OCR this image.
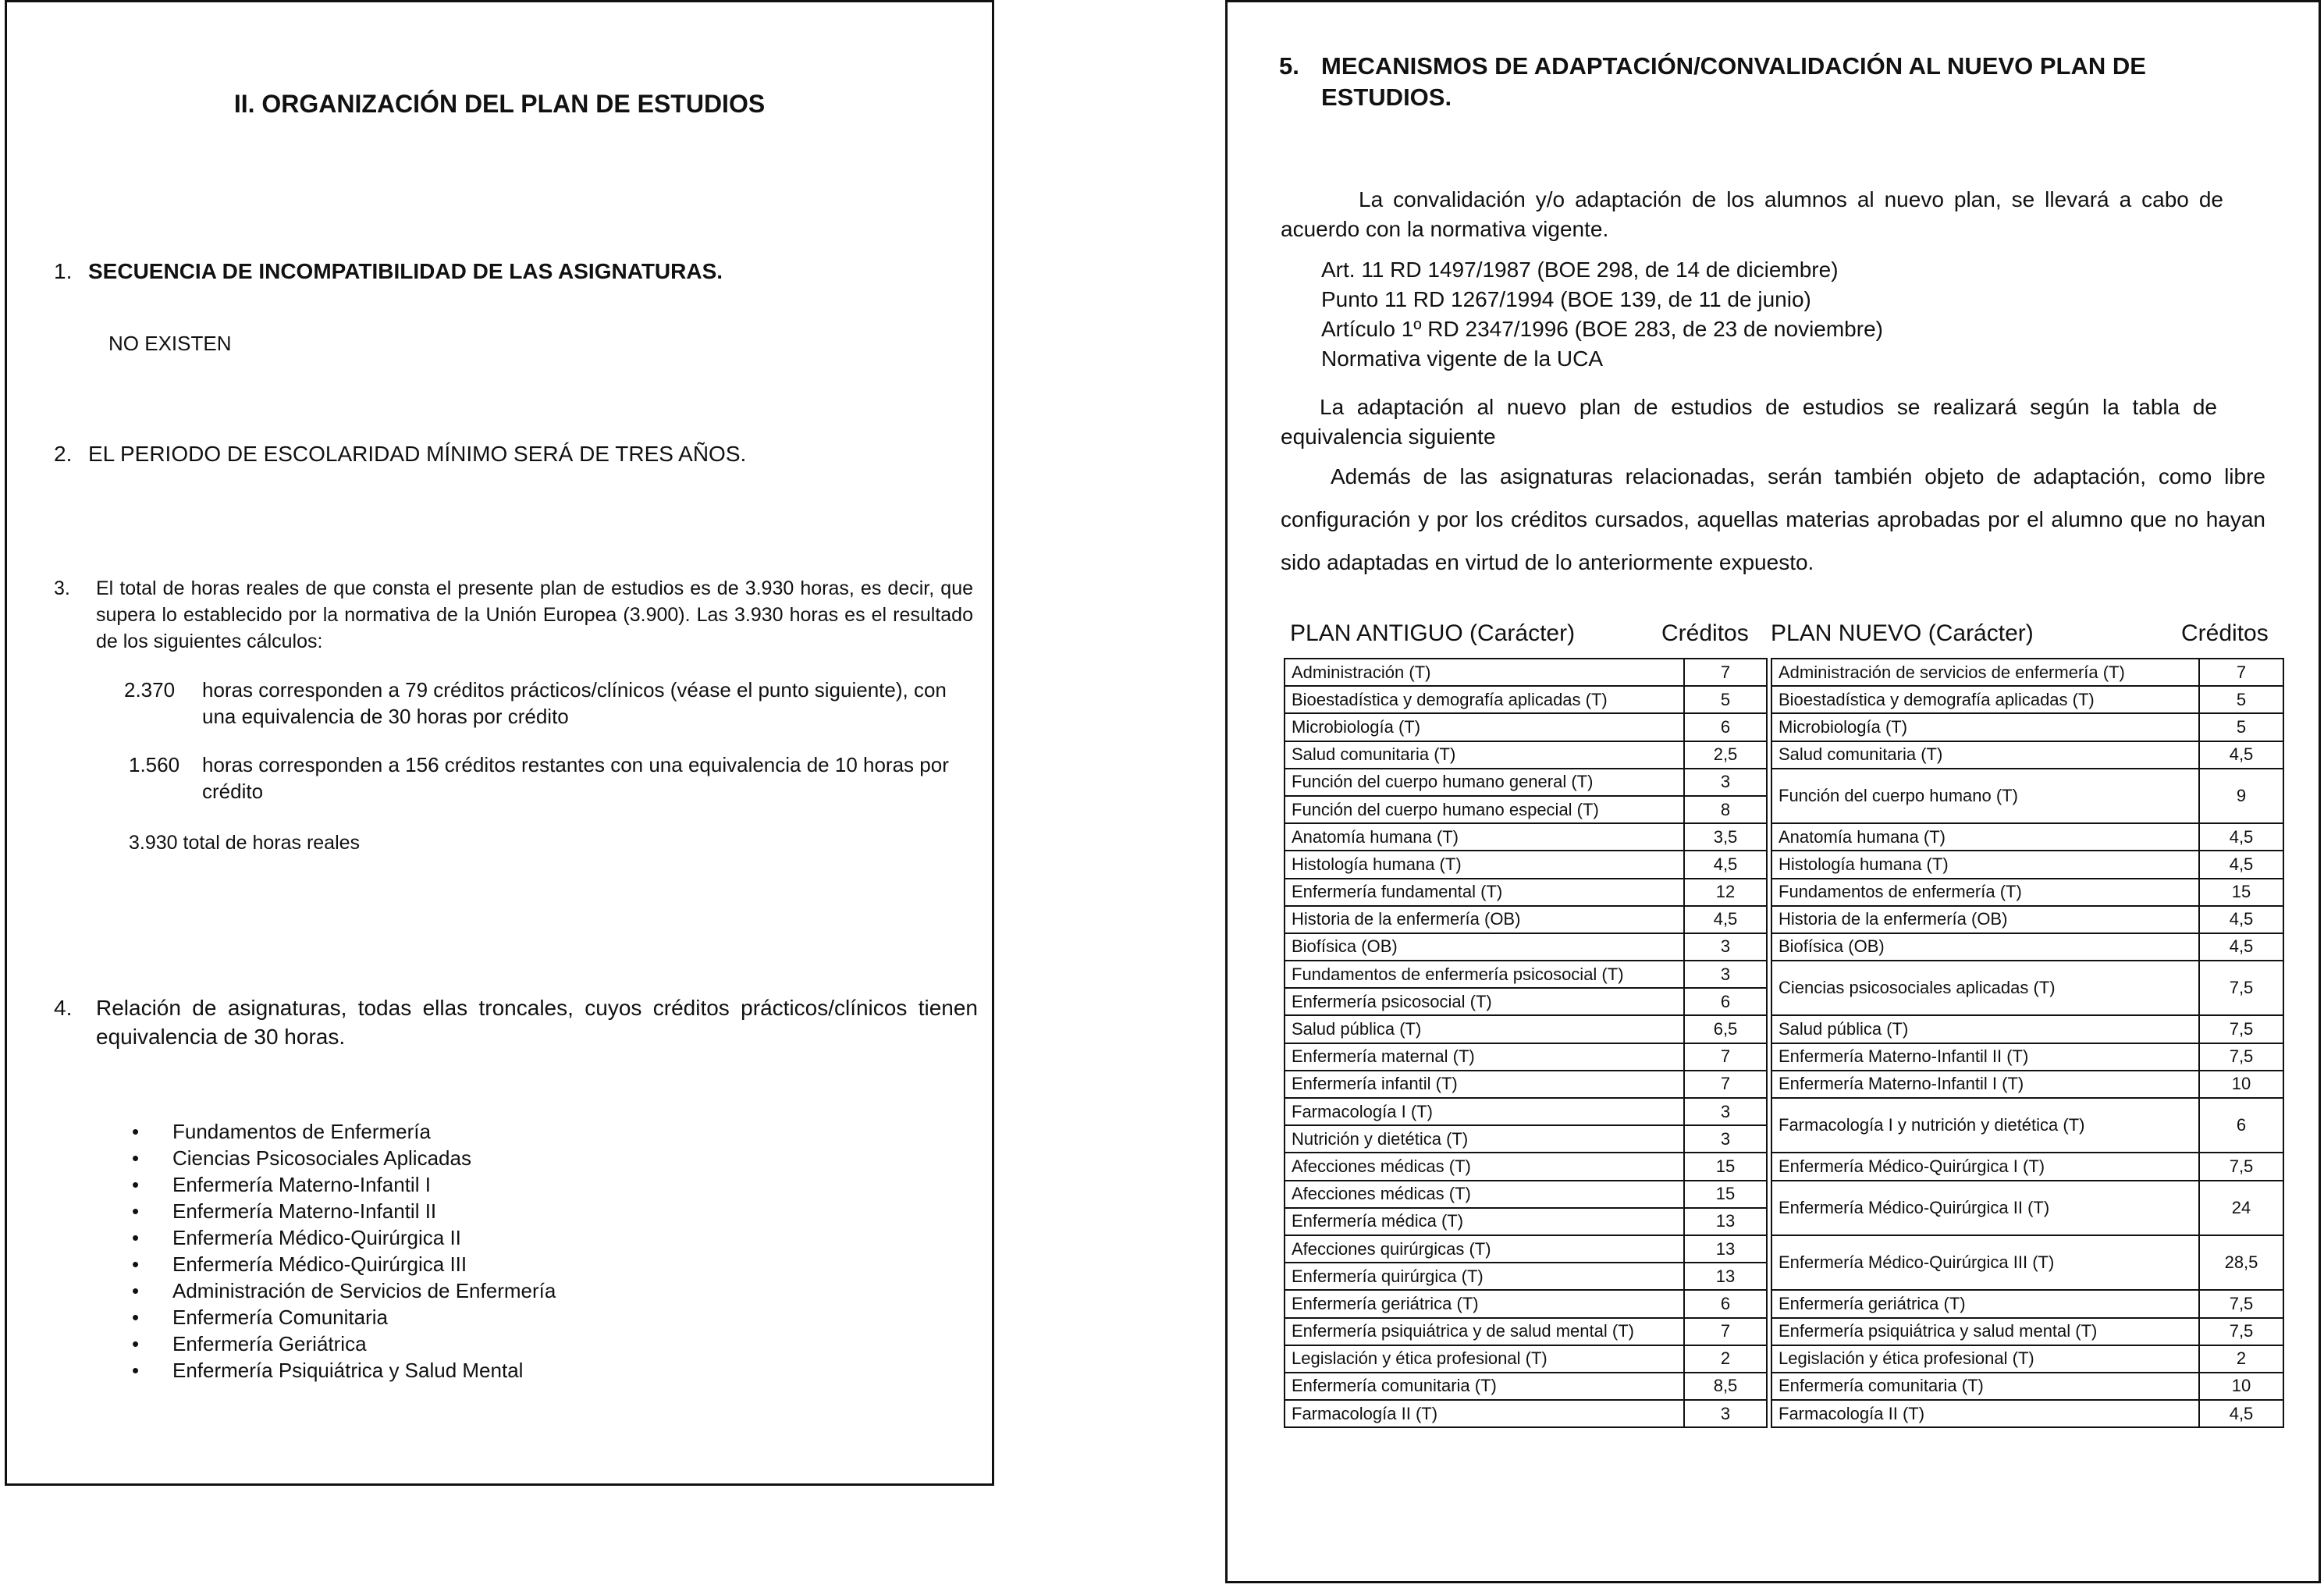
II. ORGANIZACIÓN DEL PLAN DE ESTUDIOS
1. SECUENCIA DE INCOMPATIBILIDAD DE LAS ASIGNATURAS.
NO EXISTEN
2. EL PERIODO DE ESCOLARIDAD MÍNIMO SERÁ DE TRES AÑOS.
3. El total de horas reales de que consta el presente plan de estudios es de 3.930 horas, es decir, que supera lo establecido por la normativa de la Unión Europea (3.900). Las 3.930 horas es el resultado de los siguientes cálculos:
2.370 horas corresponden a 79 créditos prácticos/clínicos (véase el punto siguiente), con una equivalencia de 30 horas por crédito
1.560 horas corresponden a 156 créditos restantes con una equivalencia de 10 horas por crédito
3.930 total de horas reales
4. Relación de asignaturas, todas ellas troncales, cuyos créditos prácticos/clínicos tienen equivalencia de 30 horas.
• Fundamentos de Enfermería
• Ciencias Psicosociales Aplicadas
• Enfermería Materno-Infantil I
• Enfermería Materno-Infantil II
• Enfermería Médico-Quirúrgica II
• Enfermería Médico-Quirúrgica III
• Administración de Servicios de Enfermería
• Enfermería Comunitaria
• Enfermería Geriátrica
• Enfermería Psiquiátrica y Salud Mental
5. MECANISMOS DE ADAPTACIÓN/CONVALIDACIÓN AL NUEVO PLAN DE ESTUDIOS.
La convalidación y/o adaptación de los alumnos al nuevo plan, se llevará a cabo de acuerdo con la normativa vigente.
Art. 11 RD 1497/1987 (BOE 298, de 14 de diciembre)
Punto 11 RD 1267/1994 (BOE 139, de 11 de junio)
Artículo 1º RD 2347/1996 (BOE 283, de 23 de noviembre)
Normativa vigente de la UCA
La adaptación al nuevo plan de estudios de estudios se realizará según la tabla de equivalencia siguiente
Además de las asignaturas relacionadas, serán también objeto de adaptación, como libre configuración y por los créditos cursados, aquellas materias aprobadas por el alumno que no hayan sido adaptadas en virtud de lo anteriormente expuesto.
PLAN ANTIGUO (Carácter)	Créditos PLAN NUEVO (Carácter)	Créditos
Administración (T)	7		Administración de servicios de enfermería (T)	7
Bioestadística y demografía aplicadas (T)	5		Bioestadística y demografía aplicadas (T)	5
Microbiología (T)	6		Microbiología (T)	5
Salud comunitaria (T)	2,5		Salud comunitaria (T)	4,5
Función del cuerpo humano general (T)	3		Función del cuerpo humano (T)	9
Función del cuerpo humano especial (T)	8			
Anatomía humana (T)	3,5		Anatomía humana (T)	4,5
Histología humana (T)	4,5		Histología humana (T)	4,5
Enfermería fundamental (T)	12		Fundamentos de enfermería (T)	15
Historia de la enfermería (OB)	4,5		Historia de la enfermería (OB)	4,5
Biofísica (OB)	3		Biofísica (OB)	4,5
Fundamentos de enfermería psicosocial (T)	3		Ciencias psicosociales aplicadas (T)	7,5
Enfermería psicosocial (T)	6			
Salud pública (T)	6,5		Salud pública (T)	7,5
Enfermería maternal (T)	7		Enfermería Materno-Infantil II (T)	7,5
Enfermería infantil (T)	7		Enfermería Materno-Infantil I (T)	10
Farmacología I (T)	3		Farmacología I y nutrición y dietética (T)	6
Nutrición y dietética (T)	3			
Afecciones médicas (T)	15		Enfermería Médico-Quirúrgica I (T)	7,5
Afecciones médicas (T)	15		Enfermería Médico-Quirúrgica II (T)	24
Enfermería médica (T)	13			
Afecciones quirúrgicas (T)	13		Enfermería Médico-Quirúrgica III (T)	28,5
Enfermería quirúrgica (T)	13			
Enfermería geriátrica (T)	6		Enfermería geriátrica (T)	7,5
Enfermería psiquiátrica y de salud mental (T)	7		Enfermería psiquiátrica y salud mental (T)	7,5
Legislación y ética profesional (T)	2		Legislación y ética profesional (T)	2
Enfermería comunitaria (T)	8,5		Enfermería comunitaria (T)	10
Farmacología II (T)	3		Farmacología II (T)	4,5
